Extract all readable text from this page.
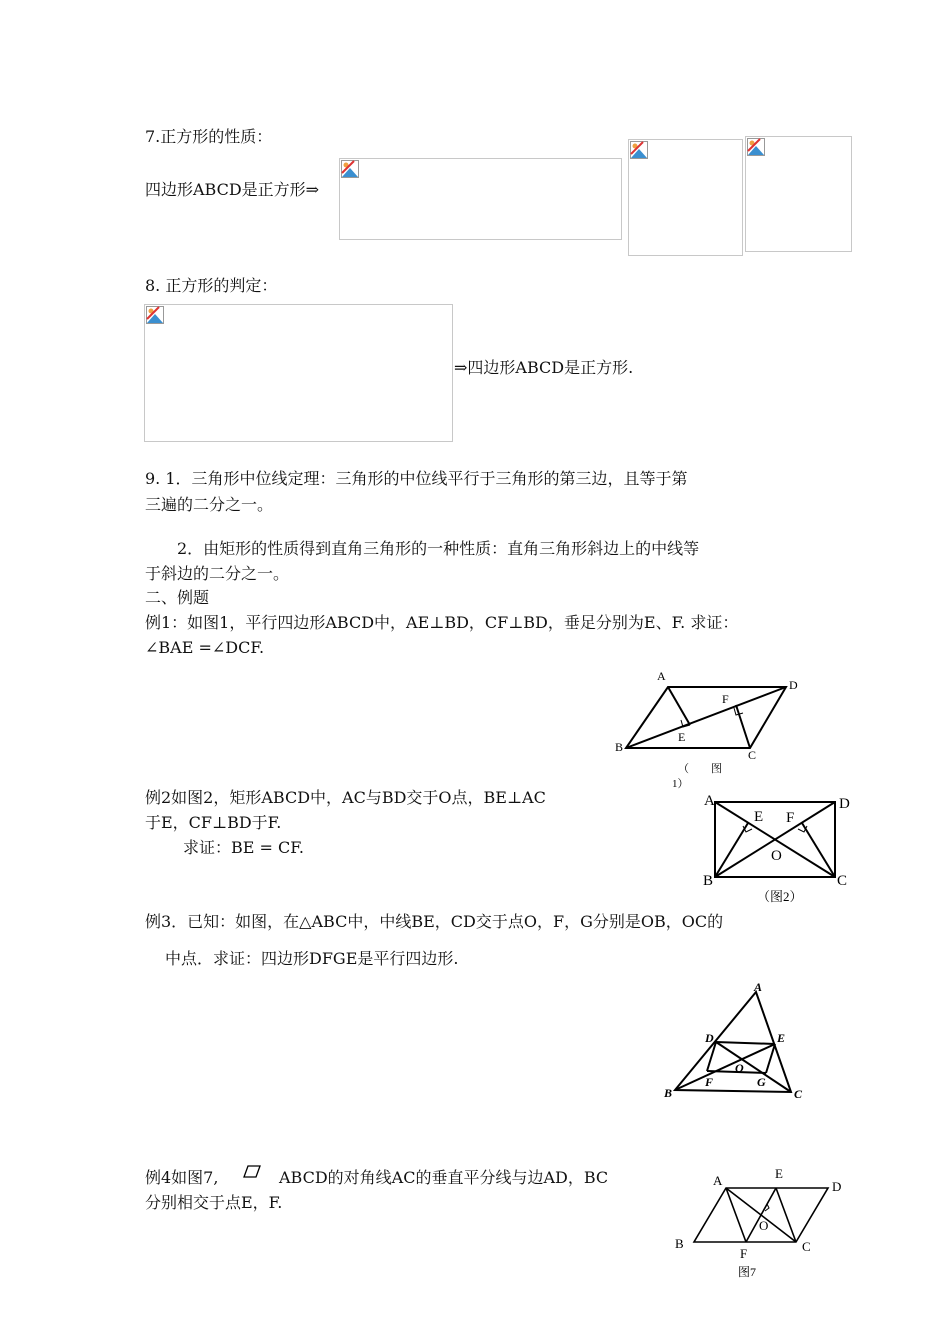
7.正方形的性质：
四边形ABCD是正方形⇒
8. 正方形的判定：
⇒四边形ABCD是正方形.
9. 1．三角形中位线定理：三角形的中位线平行于三角形的第三边，且等于第
三遍的二分之一。
2．由矩形的性质得到直角三角形的一种性质：直角三角形斜边上的中线等
于斜边的二分之一。
二、例题
例1：如图1，平行四边形ABCD中，AE⊥BD，CF⊥BD，垂足分别为E、F. 求证：
∠BAE =∠DCF.
A
D
B
C
E
F
（　　图
1）
例2如图2，矩形ABCD中，AC与BD交于O点，BE⊥AC
于E，CF⊥BD于F.
求证：BE = CF.
A	D
B	C
E F
O
（图2）
例3．已知：如图，在△ABC中，中线BE，CD交于点O，F，G分别是OB，OC的
中点．求证：四边形DFGE是平行四边形.
A
B	C
D	E
F	G
O
例4如图7,	ABCD的对角线AC的垂直平分线与边AD，BC
分别相交于点E，F.
A	E
D
B
F	C
O
图7
